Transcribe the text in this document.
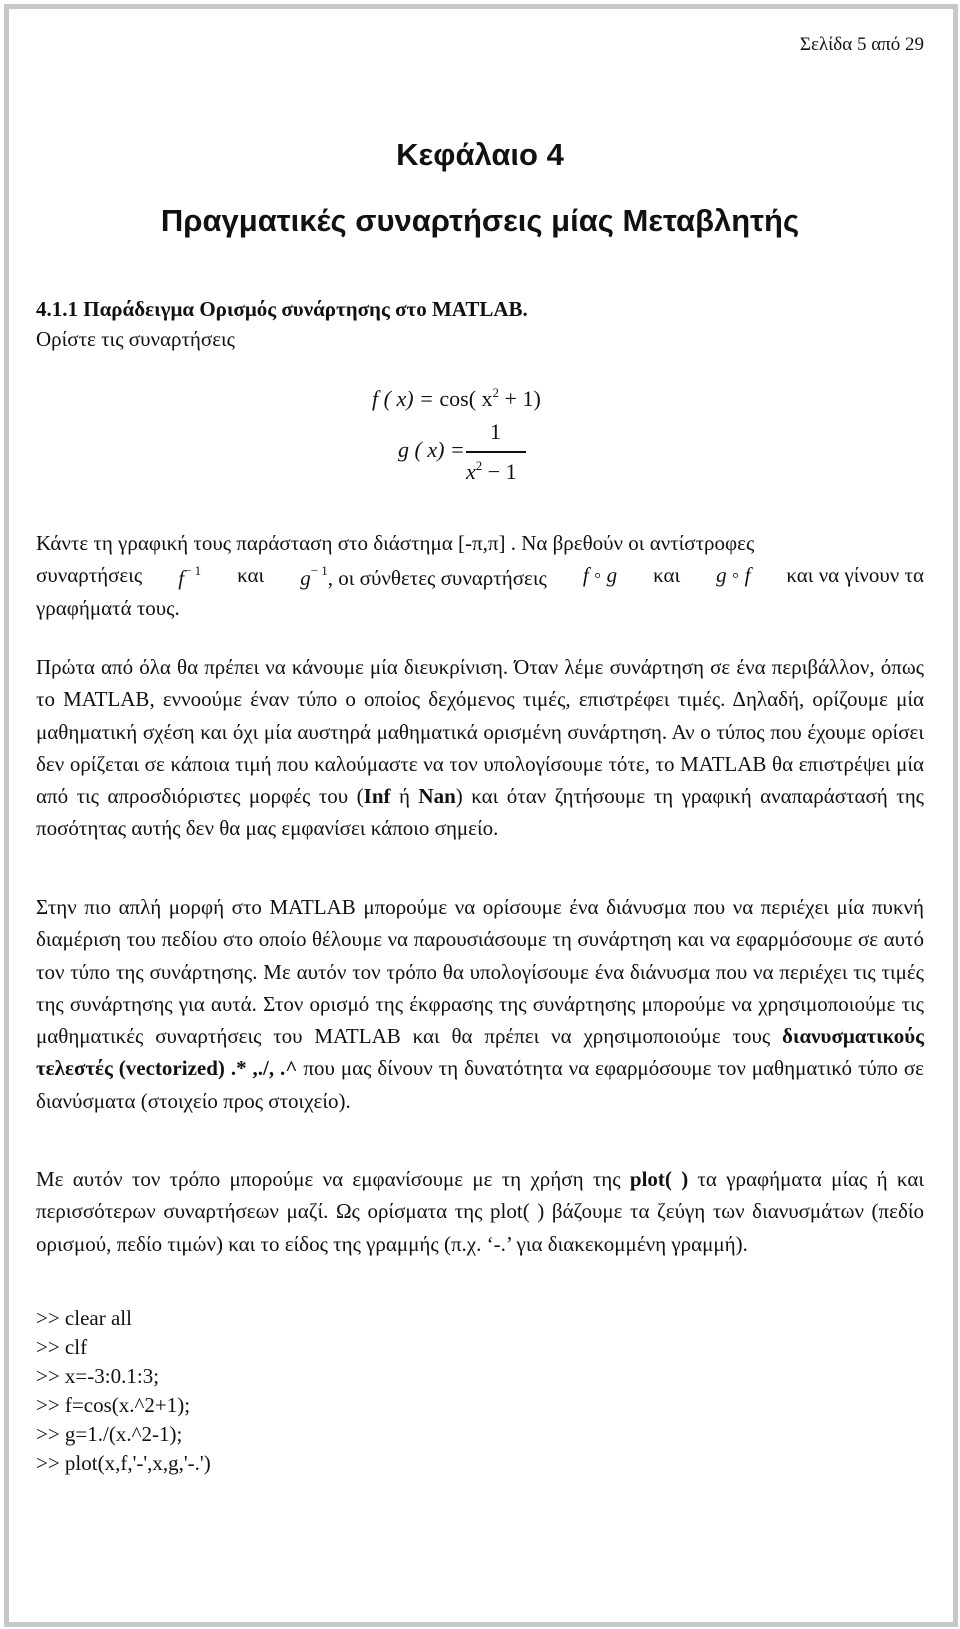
Σελίδα 5 από 29
Κεφάλαιο 4
Πραγματικές συναρτήσεις μίας Μεταβλητής
4.1.1 Παράδειγμα Ορισμός συνάρτησης στο MATLAB.
Ορίστε τις συναρτήσεις
f ( x) = cos( $x^2 + 1$)
g ( x) =
1
$x^2 - 1$
Κάντε τη γραφική τους παράσταση στο διάστημα [-π,π] . Να βρεθούν οι αντίστροφες
συναρτήσεις $f^{- 1}$ και $g^{- 1}$, οι σύνθετες συναρτήσεις f ◦ g και g ◦ f και να γίνουν τα
γραφήματά τους.
Πρώτα από όλα θα πρέπει να κάνουμε μία διευκρίνιση. Όταν λέμε συνάρτηση σε ένα περιβάλλον, όπως το MATLAB, εννοούμε έναν τύπο ο οποίος δεχόμενος τιμές, επιστρέφει τιμές. Δηλαδή, ορίζουμε μία μαθηματική σχέση και όχι μία αυστηρά μαθηματικά ορισμένη συνάρτηση. Αν ο τύπος που έχουμε ορίσει δεν ορίζεται σε κάποια τιμή που καλούμαστε να τον υπολογίσουμε τότε, το MATLAB θα επιστρέψει μία από τις απροσδιόριστες μορφές του (Inf ή Nan) και όταν ζητήσουμε τη γραφική αναπαράστασή της ποσότητας αυτής δεν θα μας εμφανίσει κάποιο σημείο.
Στην πιο απλή μορφή στο MATLAB μπορούμε να ορίσουμε ένα διάνυσμα που να περιέχει μία πυκνή διαμέριση του πεδίου στο οποίο θέλουμε να παρουσιάσουμε τη συνάρτηση και να εφαρμόσουμε σε αυτό τον τύπο της συνάρτησης. Με αυτόν τον τρόπο θα υπολογίσουμε ένα διάνυσμα που να περιέχει τις τιμές της συνάρτησης για αυτά. Στον ορισμό της έκφρασης της συνάρτησης μπορούμε να χρησιμοποιούμε τις μαθηματικές συναρτήσεις του MATLAB και θα πρέπει να χρησιμοποιούμε τους διανυσματικούς τελεστές (vectorized) .* ,./, .^ που μας δίνουν τη δυνατότητα να εφαρμόσουμε τον μαθηματικό τύπο σε διανύσματα (στοιχείο προς στοιχείο).
Με αυτόν τον τρόπο μπορούμε να εμφανίσουμε με τη χρήση της plot( ) τα γραφήματα μίας ή και περισσότερων συναρτήσεων μαζί. Ως ορίσματα της plot( ) βάζουμε τα ζεύγη των διανυσμάτων (πεδίο ορισμού, πεδίο τιμών) και το είδος της γραμμής (π.χ. ‘-.’ για διακεκομμένη γραμμή).
>> clear all
>> clf
>> x=-3:0.1:3;
>> f=cos(x.^2+1);
>> g=1./(x.^2-1);
>> plot(x,f,'-',x,g,'-.')
